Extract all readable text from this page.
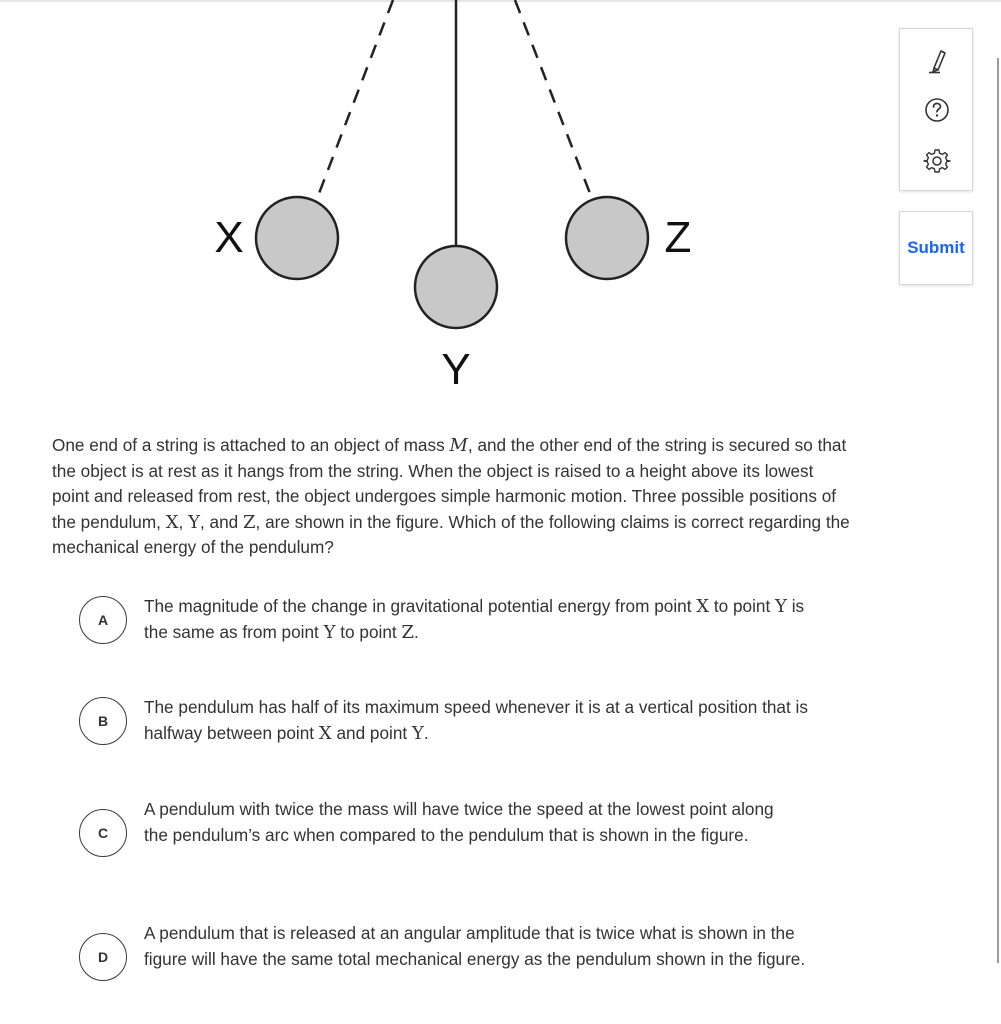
X
Y
Z
One end of a string is attached to an object of mass M, and the other end of the string is secured so that the object is at rest as it hangs from the string. When the object is raised to a height above its lowest point and released from rest, the object undergoes simple harmonic motion. Three possible positions of the pendulum, X, Y, and Z, are shown in the figure. Which of the following claims is correct regarding the mechanical energy of the pendulum?
A
The magnitude of the change in gravitational potential energy from point X to point Y is the same as from point Y to point Z.
B
The pendulum has half of its maximum speed whenever it is at a vertical position that is halfway between point X and point Y.
C
A pendulum with twice the mass will have twice the speed at the lowest point along the pendulum’s arc when compared to the pendulum that is shown in the figure.
D
A pendulum that is released at an angular amplitude that is twice what is shown in the figure will have the same total mechanical energy as the pendulum shown in the figure.
Submit
